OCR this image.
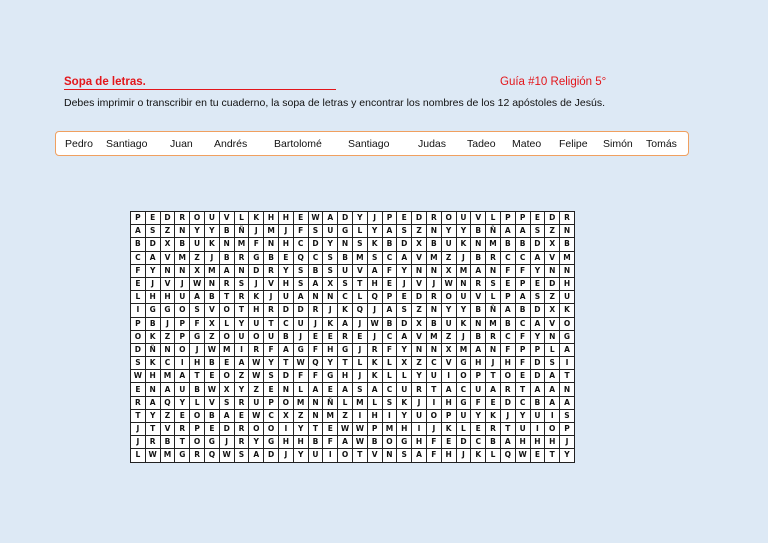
Sopa de letras.	Guía #10 Religión 5°
Debes imprimir o transcribir en tu cuaderno, la sopa de letras y encontrar los nombres de los 12 apóstoles de Jesús.
Pedro Santiago Juan Andrés	Bartolomé Santiago	Judas Tadeo Mateo Felipe Simón Tomás
P	E	D	R	O	U	V	L	K	H	H	E	W	A	D	Y	J	P	E	D	R	O	U	V	L	P	P	E	D	R
A	S	Z	N	Y	Y	B	Ñ	J	M	J	F	S	U	G	L	Y	A	S	Z	N	Y	Y	B	Ñ	A	A	S	Z	N
B	D	X	B	U	K	N	M	F	N	H	C	D	Y	N	S	K	B	D	X	B	U	K	N	M	B	B	D	X	B
C	A	V	M	Z	J	B	R	G	B	E	Q	C	S	B	M	S	C	A	V	M	Z	J	B	R	C	C	A	V	M
F	Y	N	N	X	M	A	N	D	R	Y	S	B	S	U	V	A	F	Y	N	N	X	M	A	N	F	F	Y	N	N
E	J	V	J	W	N	R	S	J	V	H	S	A	X	S	T	H	E	J	V	J	W	N	R	S	E	P	E	D	H
L	H	H	U	A	B	T	R	K	J	U	A	N	N	C	L	Q	P	E	D	R	O	U	V	L	P	A	S	Z	U
I	G	G	O	S	V	O	T	H	R	D	D	R	J	K	Q	J	A	S	Z	N	Y	Y	B	Ñ	A	B	D	X	K
P	B	J	P	F	X	L	Y	U	T	C	U	J	K	A	J	W	B	D	X	B	U	K	N	M	B	C	A	V	O
O	K	Z	P	G	Z	O	U	O	U	B	J	E	E	R	E	J	C	A	V	M	Z	J	B	R	C	F	Y	N	G
D	Ñ	N	O	J	W	M	I	R	F	A	G	F	H	G	J	R	F	Y	N	N	X	M	A	N	F	P	P	L	A
S	K	C	I	H	B	E	A	W	Y	T	W	Q	Y	T	L	K	L	X	Z	C	V	G	H	J	H	F	D	S	I
W	H	M	A	T	E	O	Z	W	S	D	F	F	G	H	J	K	L	L	Y	U	I	O	P	T	O	E	D	A	T
E	N	A	U	B	W	X	Y	Z	E	N	L	A	E	A	S	A	C	U	R	T	A	C	U	A	R	T	A	A	N
R	A	Q	Y	L	V	S	R	U	P	O	M	N	Ñ	L	M	L	S	K	J	I	H	G	F	E	D	C	B	A	A
T	Y	Z	E	O	B	A	E	W	C	X	Z	N	M	Z	I	H	I	Y	U	O	P	U	Y	K	J	Y	U	I	S
J	T	V	R	P	E	D	R	O	O	I	Y	T	E	W	W	P	M	H	I	J	K	L	E	R	T	U	I	O	P
J	R	B	T	O	G	J	R	Y	G	H	H	B	F	A	W	B	O	G	H	F	E	D	C	B	A	H	H	H	J
L	W	M	G	R	Q	W	S	A	D	J	Y	U	I	O	T	V	N	S	A	F	H	J	K	L	Q	W	E	T	Y
